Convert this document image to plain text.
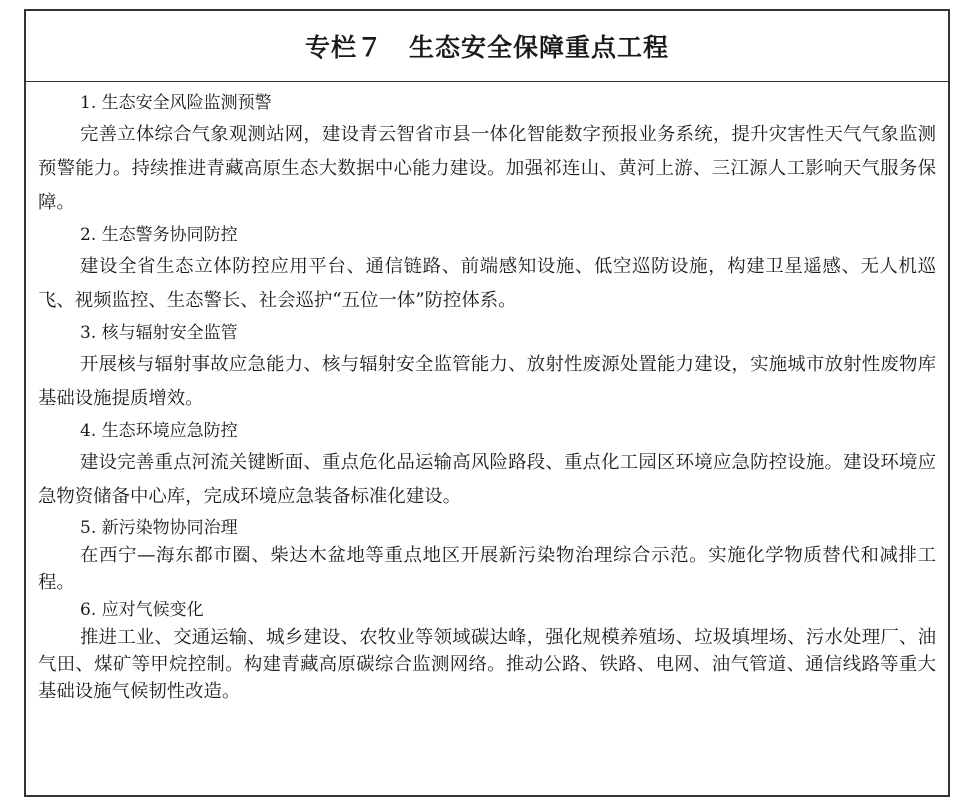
专栏７　生态安全保障重点工程
1. 生态安全风险监测预警

完善立体综合气象观测站网，建设青云智省市县一体化智能数字预报业务系统，提升灾害性天气气象监测预警能力。持续推进青藏高原生态大数据中心能力建设。加强祁连山、黄河上游、三江源人工影响天气服务保障。

2. 生态警务协同防控

建设全省生态立体防控应用平台、通信链路、前端感知设施、低空巡防设施，构建卫星遥感、无人机巡飞、视频监控、生态警长、社会巡护“五位一体”防控体系。

3. 核与辐射安全监管

开展核与辐射事故应急能力、核与辐射安全监管能力、放射性废源处置能力建设，实施城市放射性废物库基础设施提质增效。

4. 生态环境应急防控

建设完善重点河流关键断面、重点危化品运输高风险路段、重点化工园区环境应急防控设施。建设环境应急物资储备中心库，完成环境应急装备标准化建设。

5. 新污染物协同治理

在西宁—海东都市圈、柴达木盆地等重点地区开展新污染物治理综合示范。实施化学物质替代和减排工程。

6. 应对气候变化

推进工业、交通运输、城乡建设、农牧业等领域碳达峰，强化规模养殖场、垃圾填埋场、污水处理厂、油气田、煤矿等甲烷控制。构建青藏高原碳综合监测网络。推动公路、铁路、电网、油气管道、通信线路等重大基础设施气候韧性改造。
